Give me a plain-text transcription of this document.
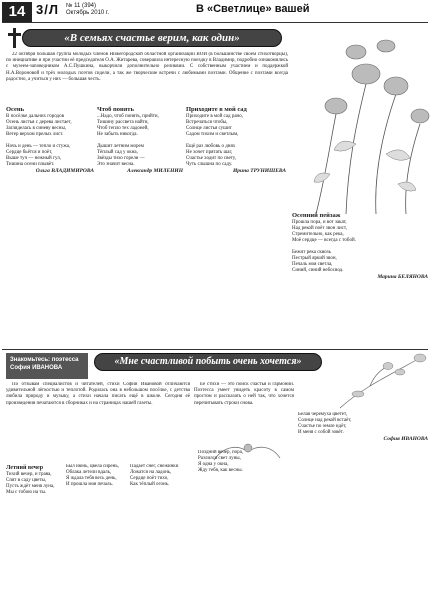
14 3/Л № 11 (394)
Октябрь 2010 г.	В «Светлице» вашей
«В семьях счастье верим, как один»

22 октября большая группа молодых членов Нижегородской областной организации ВОИ (в большинстве своём стихотворцы), по инициативе и при участии её председателя О.А. Житарева, совершила интересную поездку в Владимир, подробно ознакомились с музеем-заповедником А.С.Пушкина, выкорчили дополнительно реликвии. С собственным участием и поддержкой Н.А.Вороновой и трёх молодых поэтов сидели, а так же творческие встречи с любимыми поэтами. Общение с поэтами всегда радостно, а учиться у них — большая честь.

Осень
В посёлке дальних городов
Осень листья с дерева листает,
Загляделась в синеву весны,
Ветер верхом прелых лист.

Ночь и день — тепло и стужа,
Сердце бьётся и поёт,
Выше туч — нежный гул,
Тишина осени плывёт.
Ольга ВЛАДИМИРОВА
Чтоб понять
...Надо, чтоб понять, прийти,
Тишину рассвета найти,
Чтоб тепло тех ладоней,
Не забыть никогда.

Дышит летним морем
Тёплый сад у окна,
Звёзды тихо горели —
Это значит весна.
Александр МИЛЕНИН
Приходите в мой сад
Приходите в мой сад рано,
Встречаться чтобы,
Солнце листья сушит
Садом тихим и светлым,

Ещё раз любовь о днях
Не хочет прятать шаг,
Счастье ходит по свету,
Чуть слышна по саду.
Ирина ТРУНИШЕВА
Осенний пейзаж
Прошла пора, и вот закат,
Над рекой поёт звон лист,
Стремительно, как река,
Моё сердце — всегда с тобой.

Бежит река сквозь
Пестрый яркий звон,
Печаль моя светла,
Синий, синий небосвод.
Марина БЕЛЯНОВА
Знакомьтесь: поэтесса
София ИВАНОВА
«Мне счастливой побыть очень хочется»

По отзывам специалистов и читателей, стихи Софии Ивановой отличаются удивительной лёгкостью и теплотой. Родилась она в небольшом посёлке, с детства любила природу и музыку, а стихи начала писать ещё в школе. Сегодня её произведения печатаются в сборниках и на страницах нашей газеты.

Её стихи — это поиск счастья и гармонии. Поэтесса умеет увидеть красоту в самом простом и рассказать о ней так, что хочется перечитывать строки снова.

Летний вечер
Тихий вечер, и трава,
Спят в саду цветы,
Пусть ждёт меня луна,
Мы с тобою на ты.
Был июнь, цвела сирень,
Облака летели вдаль,
Я ждала тебя весь день,
И прошла моя печаль.
Падает снег, снежинки
Ложатся на ладонь,
Сердце поёт тихо,
Как тёплый огонь.
Поздний вечер, пора,
Разлился свет луны,
Я одна у окна,
Жду тебя, как весны.
Белая черёмуха цветёт,
Солнце над рекой встаёт,
Счастье по земле идёт,
И меня с собой зовёт.
София ИВАНОВА
